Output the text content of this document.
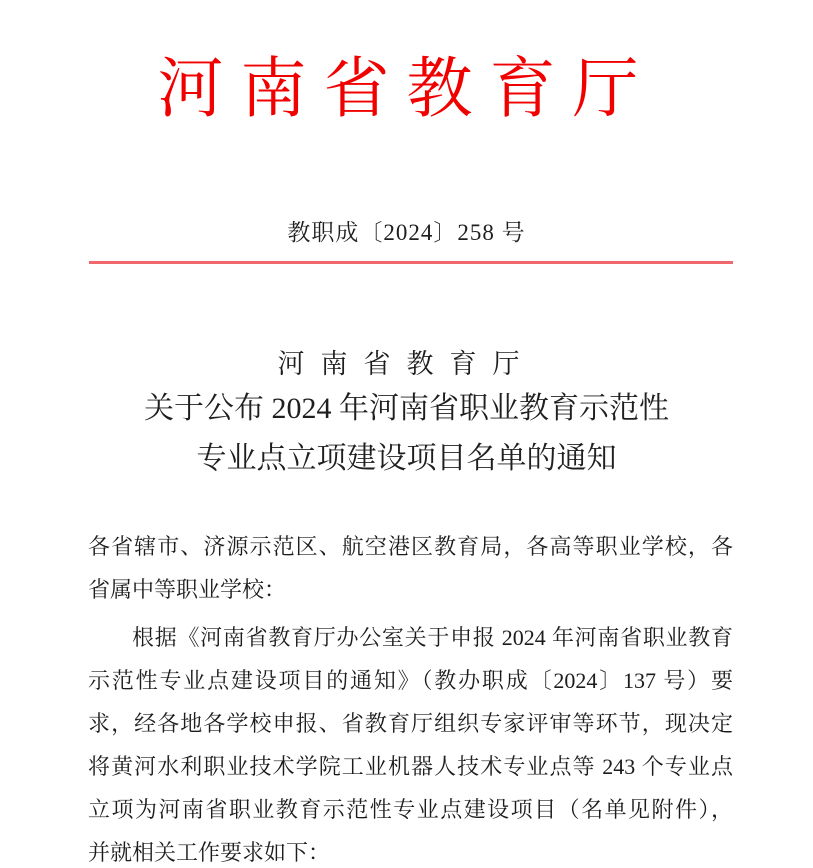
河南省教育厅
教职成〔2024〕258 号
河南省教育厅
关于公布 2024 年河南省职业教育示范性
专业点立项建设项目名单的通知
各省辖市、济源示范区、航空港区教育局，各高等职业学校，各
省属中等职业学校：
根据《河南省教育厅办公室关于申报 2024 年河南省职业教育
示范性专业点建设项目的通知》（教办职成〔2024〕137 号）要
求，经各地各学校申报、省教育厅组织专家评审等环节，现决定
将黄河水利职业技术学院工业机器人技术专业点等 243 个专业点
立项为河南省职业教育示范性专业点建设项目（名单见附件），
并就相关工作要求如下：
